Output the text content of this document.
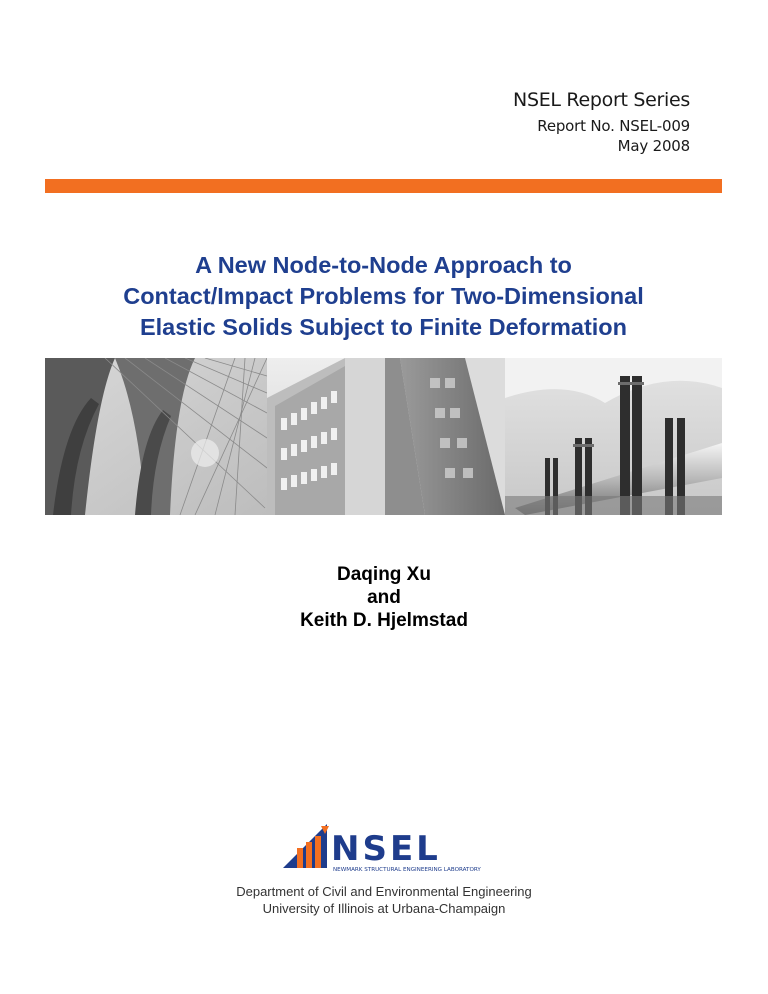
NSEL Report Series
Report No. NSEL-009
May 2008
A New Node-to-Node Approach to
Contact/Impact Problems for Two-Dimensional
Elastic Solids Subject to Finite Deformation
Daqing Xu
and
Keith D. Hjelmstad
NSEL
NEWMARK STRUCTURAL ENGINEERING LABORATORY
Department of Civil and Environmental Engineering
University of Illinois at Urbana-Champaign
